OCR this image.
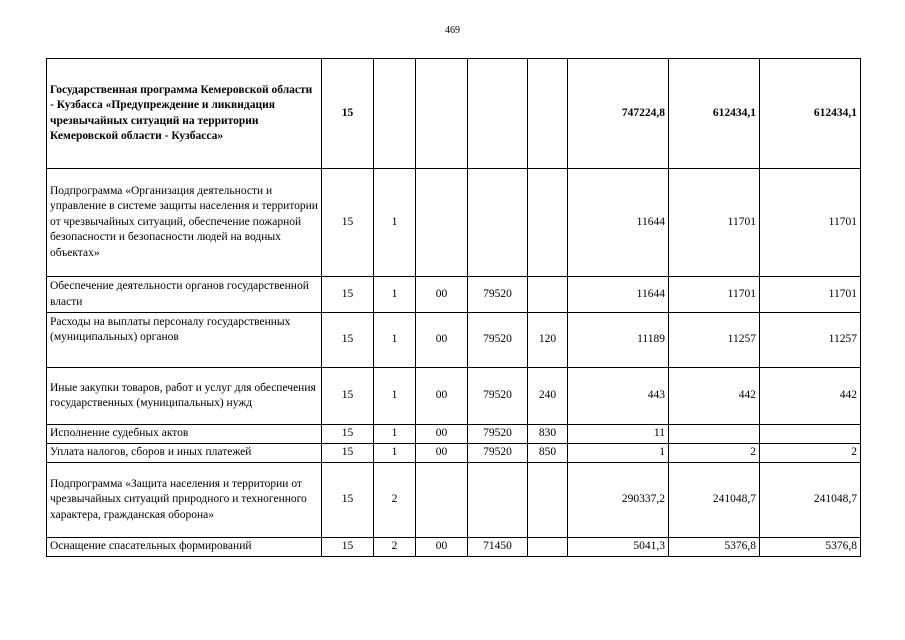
469
Государственная программа Кемеровской области - Кузбасса «Предупреждение и ликвидация чрезвычайных ситуаций на территории Кемеровской области - Кузбасса»	15					747224,8	612434,1	612434,1
Подпрограмма «Организация деятельности и управление в системе защиты населения и территории от чрезвычайных ситуаций, обеспечение пожарной безопасности и безопасности людей на водных объектах»	15	1				11644	11701	11701
Обеспечение деятельности органов государственной власти	15	1	00	79520		11644	11701	11701
Расходы на выплаты персоналу государственных (муниципальных) органов	15	1	00	79520	120	11189	11257	11257
Иные закупки товаров, работ и услуг для обеспечения государственных (муниципальных) нужд	15	1	00	79520	240	443	442	442
Исполнение судебных актов	15	1	00	79520	830	11		
Уплата налогов, сборов и иных платежей	15	1	00	79520	850	1	2	2
Подпрограмма «Защита населения и территории от чрезвычайных ситуаций природного и техногенного характера, гражданская оборона»	15	2				290337,2	241048,7	241048,7
Оснащение спасательных формирований	15	2	00	71450		5041,3	5376,8	5376,8
